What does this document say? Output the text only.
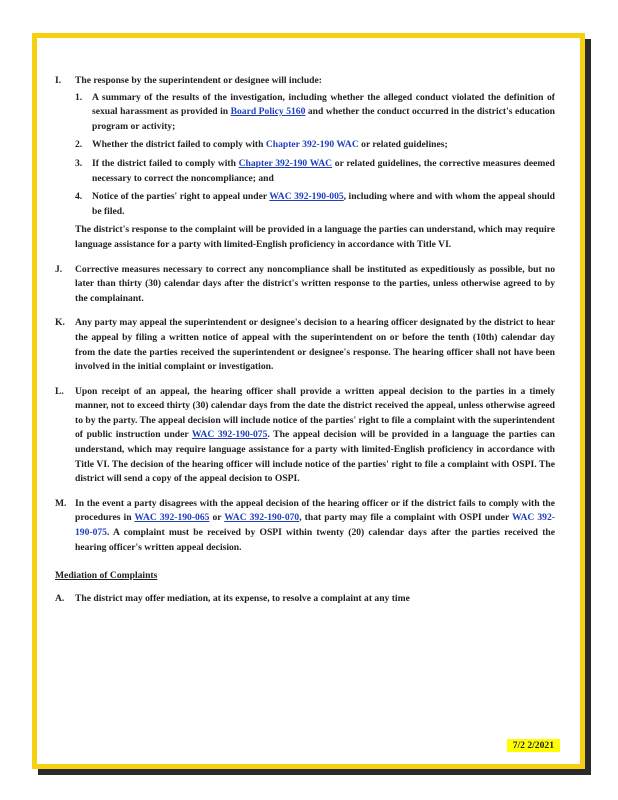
I. The response by the superintendent or designee will include:
1. A summary of the results of the investigation, including whether the alleged conduct violated the definition of sexual harassment as provided in Board Policy 5160 and whether the conduct occurred in the district's education program or activity;
2. Whether the district failed to comply with Chapter 392-190 WAC or related guidelines;
3. If the district failed to comply with Chapter 392-190 WAC or related guidelines, the corrective measures deemed necessary to correct the noncompliance; and
4. Notice of the parties' right to appeal under WAC 392-190-005, including where and with whom the appeal should be filed.
The district's response to the complaint will be provided in a language the parties can understand, which may require language assistance for a party with limited-English proficiency in accordance with Title VI.
J. Corrective measures necessary to correct any noncompliance shall be instituted as expeditiously as possible, but no later than thirty (30) calendar days after the district's written response to the parties, unless otherwise agreed to by the complainant.
K. Any party may appeal the superintendent or designee's decision to a hearing officer designated by the district to hear the appeal by filing a written notice of appeal with the superintendent on or before the tenth (10th) calendar day from the date the parties received the superintendent or designee's response. The hearing officer shall not have been involved in the initial complaint or investigation.
L. Upon receipt of an appeal, the hearing officer shall provide a written appeal decision to the parties in a timely manner, not to exceed thirty (30) calendar days from the date the district received the appeal, unless otherwise agreed to by the party. The appeal decision will include notice of the parties' right to file a complaint with the superintendent of public instruction under WAC 392-190-075. The appeal decision will be provided in a language the parties can understand, which may require language assistance for a party with limited-English proficiency in accordance with Title VI. The decision of the hearing officer will include notice of the parties' right to file a complaint with OSPI. The district will send a copy of the appeal decision to OSPI.
M. In the event a party disagrees with the appeal decision of the hearing officer or if the district fails to comply with the procedures in WAC 392-190-065 or WAC 392-190-070, that party may file a complaint with OSPI under WAC 392-190-075. A complaint must be received by OSPI within twenty (20) calendar days after the parties received the hearing officer's written appeal decision.
Mediation of Complaints
A. The district may offer mediation, at its expense, to resolve a complaint at any time
7/2 2/2021
